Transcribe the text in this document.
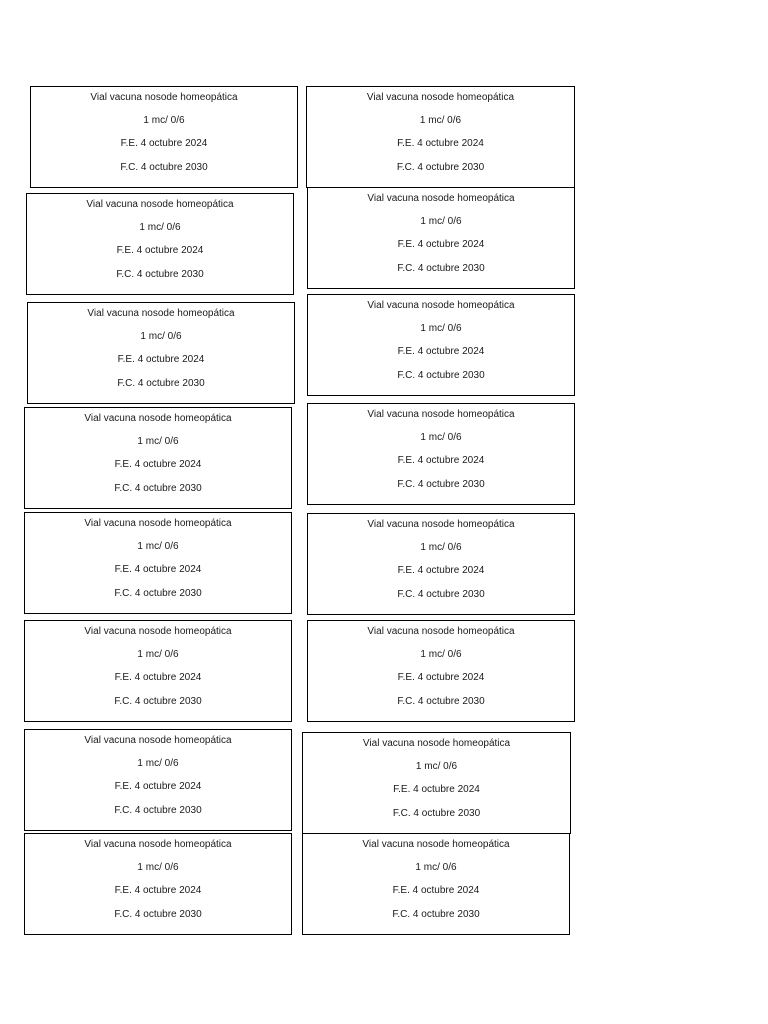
Vial vacuna nosode homeopática
1 mc/ 0/6
F.E. 4 octubre 2024
F.C. 4 octubre 2030
Vial vacuna nosode homeopática
1 mc/ 0/6
F.E. 4 octubre 2024
F.C. 4 octubre 2030
Vial vacuna nosode homeopática
1 mc/ 0/6
F.E. 4 octubre 2024
F.C. 4 octubre 2030
Vial vacuna nosode homeopática
1 mc/ 0/6
F.E. 4 octubre 2024
F.C. 4 octubre 2030
Vial vacuna nosode homeopática
1 mc/ 0/6
F.E. 4 octubre 2024
F.C. 4 octubre 2030
Vial vacuna nosode homeopática
1 mc/ 0/6
F.E. 4 octubre 2024
F.C. 4 octubre 2030
Vial vacuna nosode homeopática
1 mc/ 0/6
F.E. 4 octubre 2024
F.C. 4 octubre 2030
Vial vacuna nosode homeopática
1 mc/ 0/6
F.E. 4 octubre 2024
F.C. 4 octubre 2030
Vial vacuna nosode homeopática
1 mc/ 0/6
F.E. 4 octubre 2024
F.C. 4 octubre 2030
Vial vacuna nosode homeopática
1 mc/ 0/6
F.E. 4 octubre 2024
F.C. 4 octubre 2030
Vial vacuna nosode homeopática
1 mc/ 0/6
F.E. 4 octubre 2024
F.C. 4 octubre 2030
Vial vacuna nosode homeopática
1 mc/ 0/6
F.E. 4 octubre 2024
F.C. 4 octubre 2030
Vial vacuna nosode homeopática
1 mc/ 0/6
F.E. 4 octubre 2024
F.C. 4 octubre 2030
Vial vacuna nosode homeopática
1 mc/ 0/6
F.E. 4 octubre 2024
F.C. 4 octubre 2030
Vial vacuna nosode homeopática
1 mc/ 0/6
F.E. 4 octubre 2024
F.C. 4 octubre 2030
Vial vacuna nosode homeopática
1 mc/ 0/6
F.E. 4 octubre 2024
F.C. 4 octubre 2030
